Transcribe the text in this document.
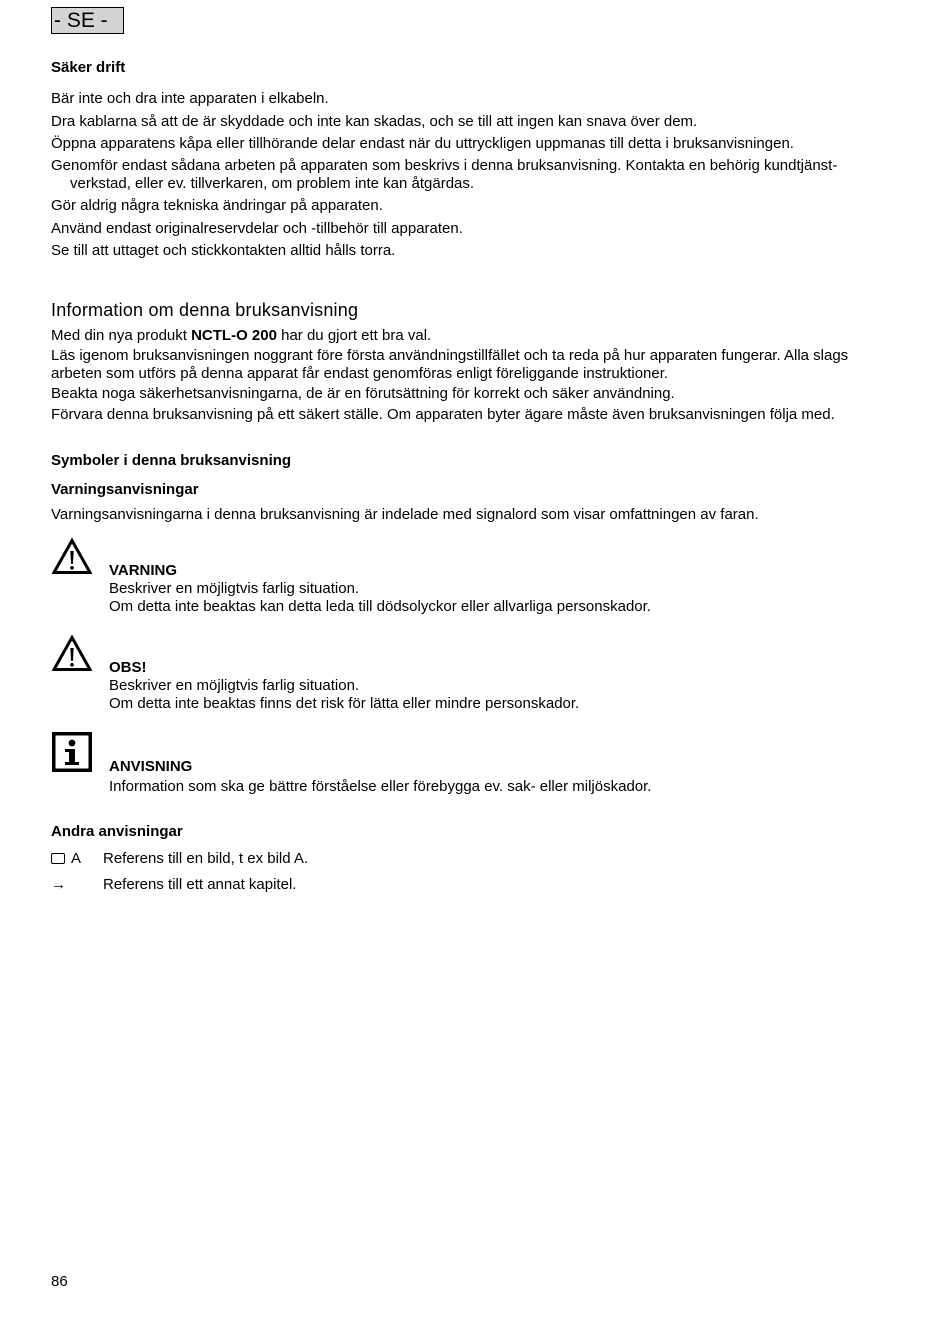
- SE -
Säker drift
Bär inte och dra inte apparaten i elkabeln.
Dra kablarna så att de är skyddade och inte kan skadas, och se till att ingen kan snava över dem.
Öppna apparatens kåpa eller tillhörande delar endast när du uttryckligen uppmanas till detta i bruksanvisningen.
Genomför endast sådana arbeten på apparaten som beskrivs i denna bruksanvisning. Kontakta en behörig kundtjänst-verkstad, eller ev. tillverkaren, om problem inte kan åtgärdas.
Gör aldrig några tekniska ändringar på apparaten.
Använd endast originalreservdelar och -tillbehör till apparaten.
Se till att uttaget och stickkontakten alltid hålls torra.
Information om denna bruksanvisning
Med din nya produkt NCTL-O 200 har du gjort ett bra val.
Läs igenom bruksanvisningen noggrant före första användningstillfället och ta reda på hur apparaten fungerar. Alla slags arbeten som utförs på denna apparat får endast genomföras enligt föreliggande instruktioner.
Beakta noga säkerhetsanvisningarna, de är en förutsättning för korrekt och säker användning.
Förvara denna bruksanvisning på ett säkert ställe. Om apparaten byter ägare måste även bruksanvisningen följa med.
Symboler i denna bruksanvisning
Varningsanvisningar
Varningsanvisningarna i denna bruksanvisning är indelade med signalord som visar omfattningen av faran.
VARNING
Beskriver en möjligtvis farlig situation.
Om detta inte beaktas kan detta leda till dödsolyckor eller allvarliga personskador.
OBS!
Beskriver en möjligtvis farlig situation.
Om detta inte beaktas finns det risk för lätta eller mindre personskador.
ANVISNING
Information som ska ge bättre förståelse eller förebygga ev. sak- eller miljöskador.
Andra anvisningar
A Referens till en bild, t ex bild A.
→ Referens till ett annat kapitel.
86
